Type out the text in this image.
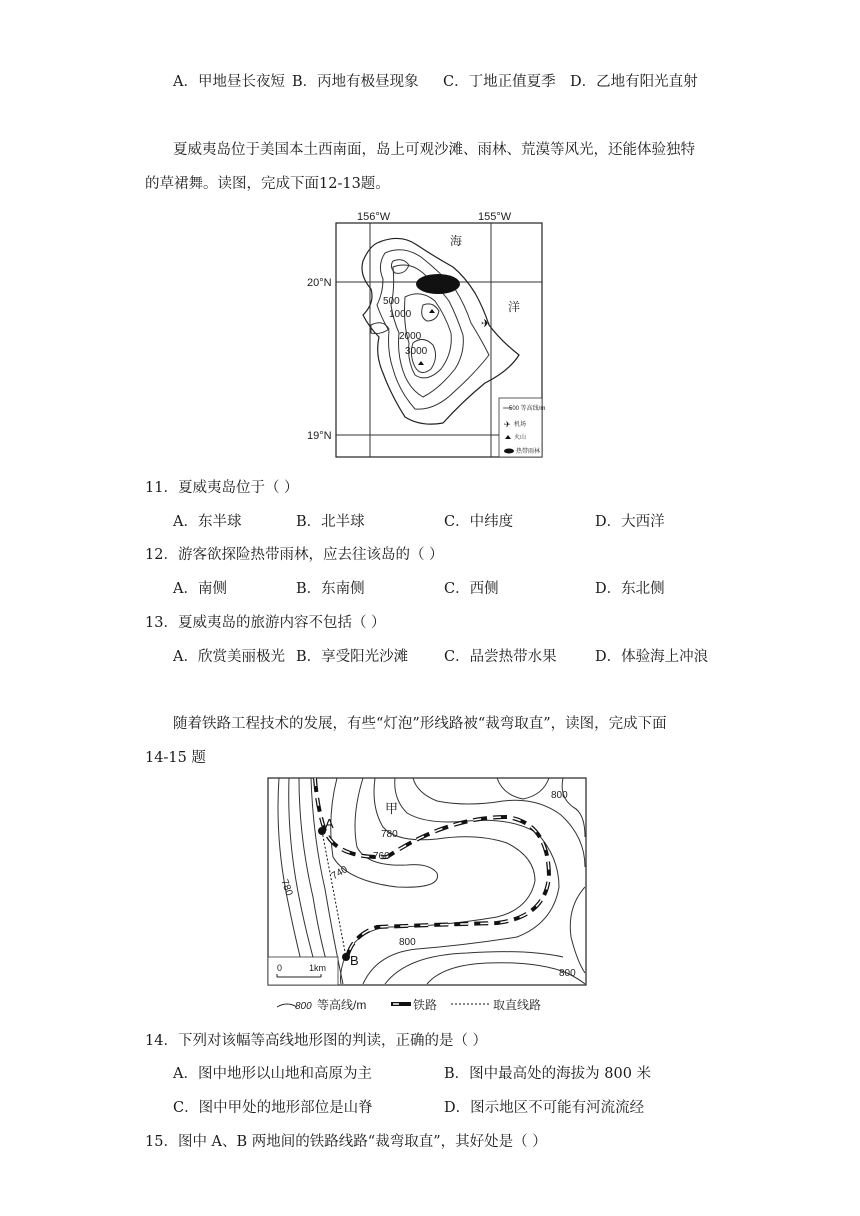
A．甲地昼长夜短 B．丙地有极昼现象 C．丁地正值夏季 D．乙地有阳光直射
夏威夷岛位于美国本土西南面，岛上可观沙滩、雨林、荒漠等风光，还能体验独特
的草裙舞。读图，完成下面12-13题。
✈
156°W	155°W
20°N
19°N
海
洋
500
1000
2000
3000
500 等高线/m
✈ 机场
火山
热带雨林
11．夏威夷岛位于（ ）
A．东半球	B．北半球	C．中纬度	D．大西洋
12．游客欲探险热带雨林，应去往该岛的（ ）
A．南侧	B．东南侧	C．西侧	D．东北侧
13．夏威夷岛的旅游内容不包括（ ）
A．欣赏美丽极光 B．享受阳光沙滩 C．品尝热带水果	D．体验海上冲浪
随着铁路工程技术的发展，有些“灯泡”形线路被“裁弯取直”，读图，完成下面
14-15 题
A
B
甲
800
780
760
740
780
800
800
0	1km
800 等高线/m	铁路	取直线路
14．下列对该幅等高线地形图的判读，正确的是（ ）
A．图中地形以山地和高原为主	B．图中最高处的海拔为 800 米
C．图中甲处的地形部位是山脊	D．图示地区不可能有河流流经
15．图中 A、B 两地间的铁路线路“裁弯取直”，其好处是（ ）
